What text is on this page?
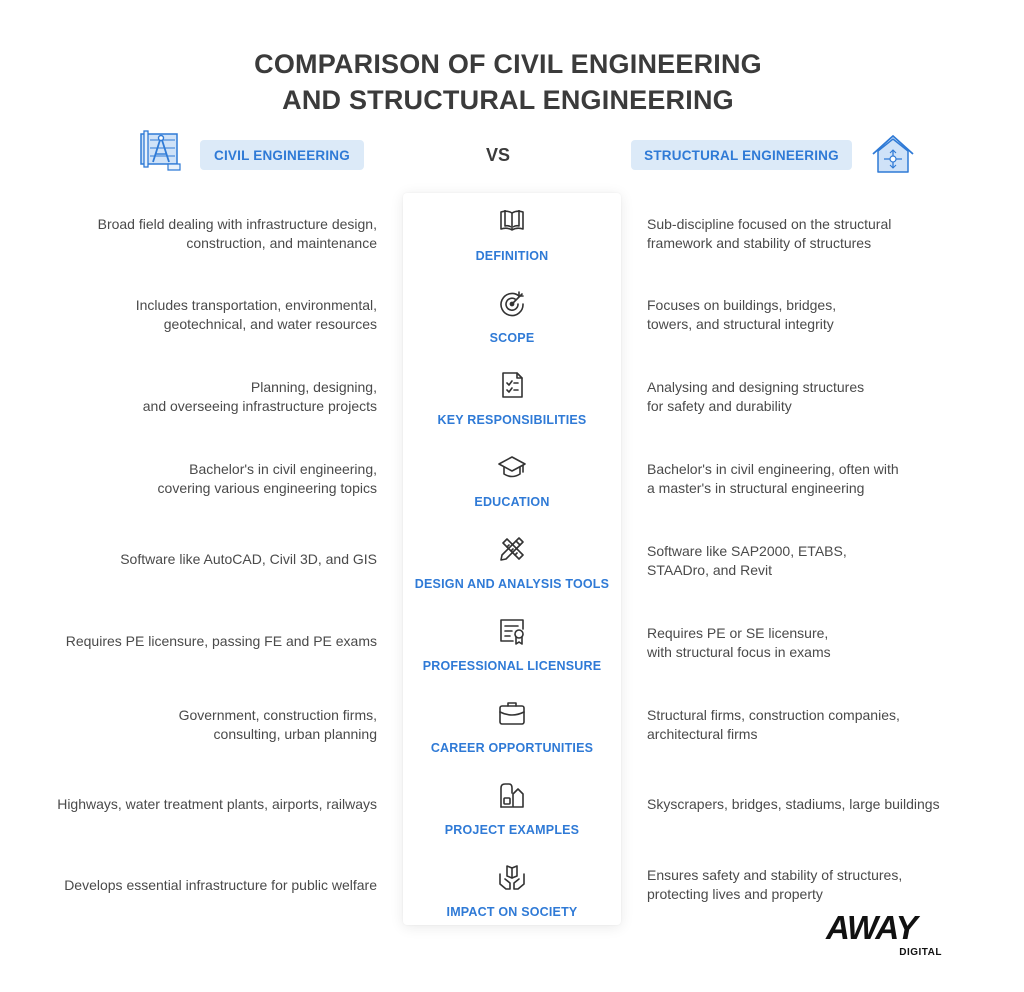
COMPARISON OF CIVIL ENGINEERING
AND STRUCTURAL ENGINEERING
CIVIL ENGINEERING	VS	STRUCTURAL ENGINEERING
Broad field dealing with infrastructure design,
construction, and maintenance
DEFINITION
Sub-discipline focused on the structural
framework and stability of structures
Includes transportation, environmental,
geotechnical, and water resources
SCOPE
Focuses on buildings, bridges,
towers, and structural integrity
Planning, designing,
and overseeing infrastructure projects
KEY RESPONSIBILITIES
Analysing and designing structures
for safety and durability
Bachelor's in civil engineering,
covering various engineering topics
EDUCATION
Bachelor's in civil engineering, often with
a master's in structural engineering
Software like AutoCAD, Civil 3D, and GIS
DESIGN AND ANALYSIS TOOLS
Software like SAP2000, ETABS,
STAADro, and Revit
Requires PE licensure, passing FE and PE exams
PROFESSIONAL LICENSURE
Requires PE or SE licensure,
with structural focus in exams
Government, construction firms,
consulting, urban planning
CAREER OPPORTUNITIES
Structural firms, construction companies,
architectural firms
Highways, water treatment plants, airports, railways
PROJECT EXAMPLES
Skyscrapers, bridges, stadiums, large buildings
Develops essential infrastructure for public welfare
IMPACT ON SOCIETY
Ensures safety and stability of structures,
protecting lives and property
AWAY
DIGITAL
